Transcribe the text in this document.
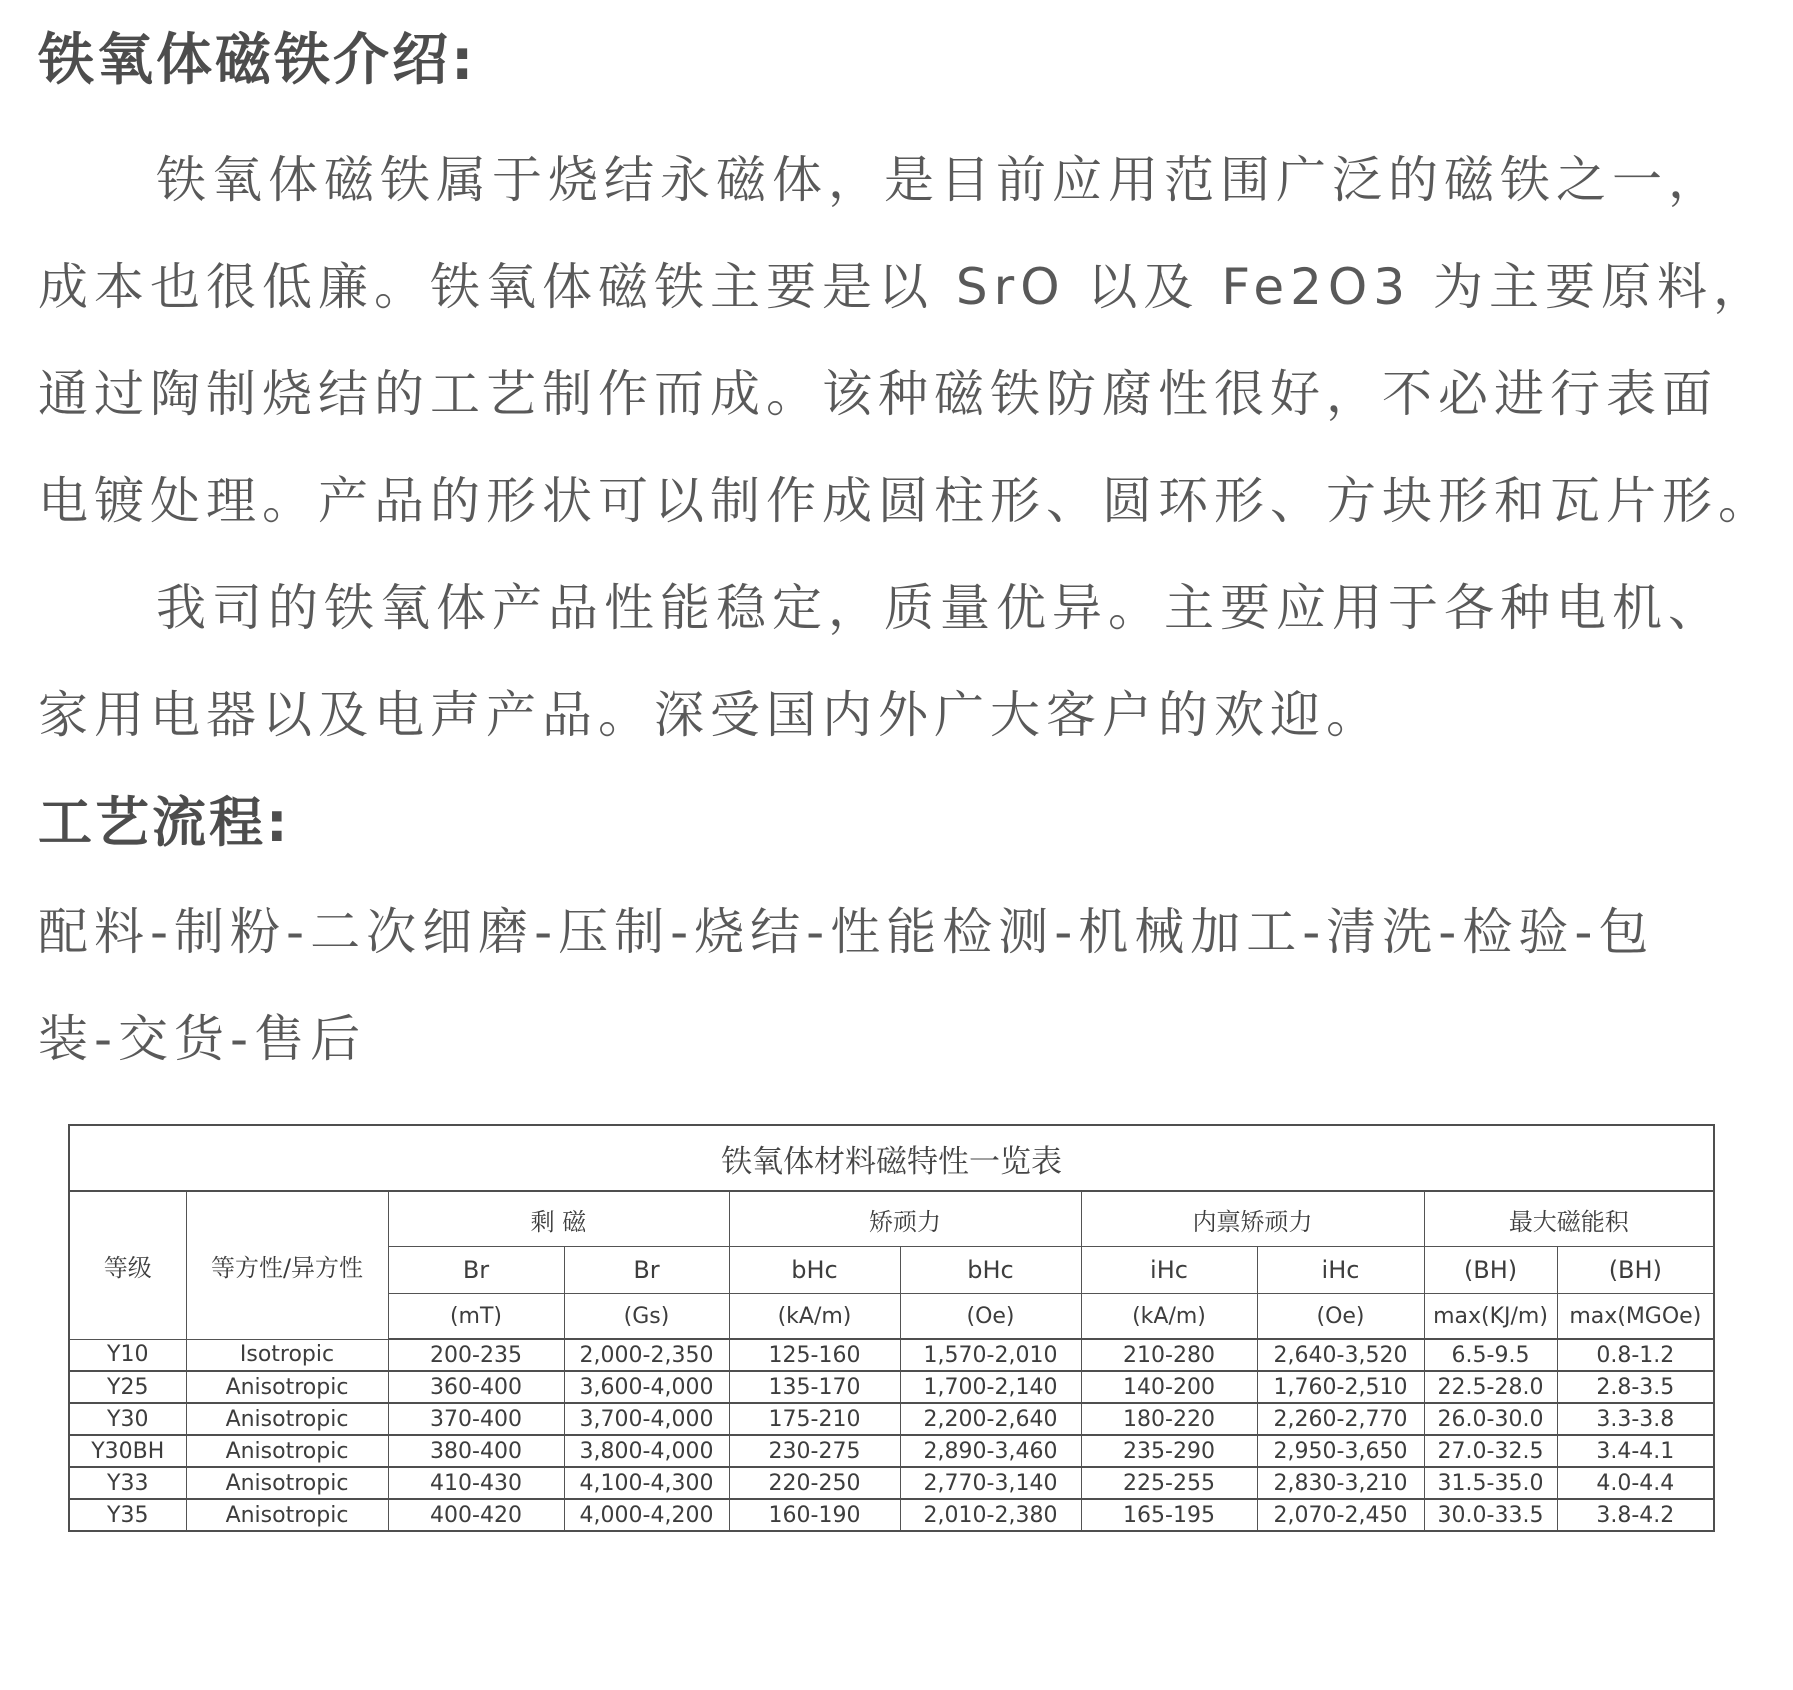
铁氧体磁铁介绍:
铁氧体磁铁属于烧结永磁体，是目前应用范围广泛的磁铁之一，
成本也很低廉。铁氧体磁铁主要是以 SrO 以及 Fe2O3 为主要原料，
通过陶制烧结的工艺制作而成。该种磁铁防腐性很好，不必进行表面
电镀处理。产品的形状可以制作成圆柱形、圆环形、方块形和瓦片形。
我司的铁氧体产品性能稳定，质量优异。主要应用于各种电机、
家用电器以及电声产品。深受国内外广大客户的欢迎。
工艺流程:
配料-制粉-二次细磨-压制-烧结-性能检测-机械加工-清洗-检验-包
装-交货-售后
铁氧体材料磁特性一览表									
等级	等方性/异方性	剩 磁		矫顽力		内禀矫顽力		最大磁能积	
		Br	Br	bHc	bHc	iHc	iHc	(BH)	(BH)
		(mT)	(Gs)	(kA/m)	(Oe)	(kA/m)	(Oe)	max(KJ/m)	max(MGOe)
Y10	Isotropic	200-235	2,000-2,350	125-160	1,570-2,010	210-280	2,640-3,520	6.5-9.5	0.8-1.2
Y25	Anisotropic	360-400	3,600-4,000	135-170	1,700-2,140	140-200	1,760-2,510	22.5-28.0	2.8-3.5
Y30	Anisotropic	370-400	3,700-4,000	175-210	2,200-2,640	180-220	2,260-2,770	26.0-30.0	3.3-3.8
Y30BH	Anisotropic	380-400	3,800-4,000	230-275	2,890-3,460	235-290	2,950-3,650	27.0-32.5	3.4-4.1
Y33	Anisotropic	410-430	4,100-4,300	220-250	2,770-3,140	225-255	2,830-3,210	31.5-35.0	4.0-4.4
Y35	Anisotropic	400-420	4,000-4,200	160-190	2,010-2,380	165-195	2,070-2,450	30.0-33.5	3.8-4.2
